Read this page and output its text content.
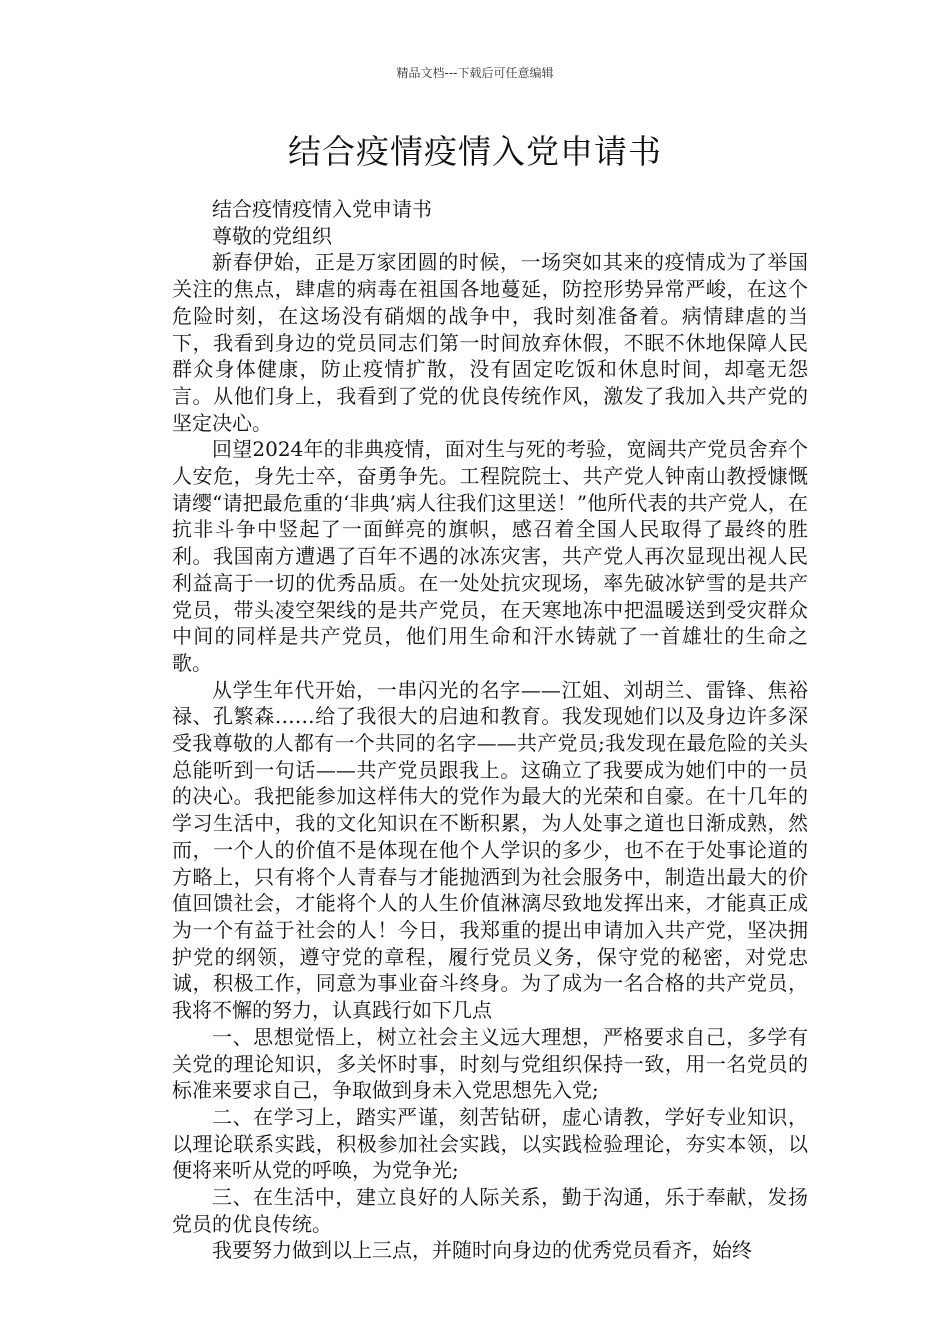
精品文档---下载后可任意编辑
结合疫情疫情入党申请书

结合疫情疫情入党申请书

尊敬的党组织

新春伊始，正是万家团圆的时候，一场突如其来的疫情成为了举国关注的焦点，肆虐的病毒在祖国各地蔓延，防控形势异常严峻，在这个危险时刻，在这场没有硝烟的战争中，我时刻准备着。病情肆虐的当下，我看到身边的党员同志们第一时间放弃休假，不眠不休地保障人民群众身体健康，防止疫情扩散，没有固定吃饭和休息时间，却毫无怨言。从他们身上，我看到了党的优良传统作风，激发了我加入共产党的坚定决心。

回望2024年的非典疫情，面对生与死的考验，宽阔共产党员舍弃个人安危，身先士卒，奋勇争先。工程院院士、共产党人钟南山教授慷慨请缨“请把最危重的‘非典’病人往我们这里送！”他所代表的共产党人，在抗非斗争中竖起了一面鲜亮的旗帜，感召着全国人民取得了最终的胜利。我国南方遭遇了百年不遇的冰冻灾害，共产党人再次显现出视人民利益高于一切的优秀品质。在一处处抗灾现场，率先破冰铲雪的是共产党员，带头凌空架线的是共产党员，在天寒地冻中把温暖送到受灾群众中间的同样是共产党员，他们用生命和汗水铸就了一首雄壮的生命之歌。

从学生年代开始，一串闪光的名字——江姐、刘胡兰、雷锋、焦裕禄、孔繁森……给了我很大的启迪和教育。我发现她们以及身边许多深受我尊敬的人都有一个共同的名字——共产党员;我发现在最危险的关头总能听到一句话——共产党员跟我上。这确立了我要成为她们中的一员的决心。我把能参加这样伟大的党作为最大的光荣和自豪。在十几年的学习生活中，我的文化知识在不断积累，为人处事之道也日渐成熟，然而，一个人的价值不是体现在他个人学识的多少，也不在于处事论道的方略上，只有将个人青春与才能抛洒到为社会服务中，制造出最大的价值回馈社会，才能将个人的人生价值淋漓尽致地发挥出来，才能真正成为一个有益于社会的人！今日，我郑重的提出申请加入共产党，坚决拥护党的纲领，遵守党的章程，履行党员义务，保守党的秘密，对党忠诚，积极工作，同意为事业奋斗终身。为了成为一名合格的共产党员，我将不懈的努力，认真践行如下几点

一、思想觉悟上，树立社会主义远大理想，严格要求自己，多学有关党的理论知识，多关怀时事，时刻与党组织保持一致，用一名党员的标准来要求自己，争取做到身未入党思想先入党;

二、在学习上，踏实严谨，刻苦钻研，虚心请教，学好专业知识，以理论联系实践，积极参加社会实践，以实践检验理论，夯实本领，以便将来听从党的呼唤，为党争光;

三、在生活中，建立良好的人际关系，勤于沟通，乐于奉献，发扬党员的优良传统。

我要努力做到以上三点，并随时向身边的优秀党员看齐，始终
